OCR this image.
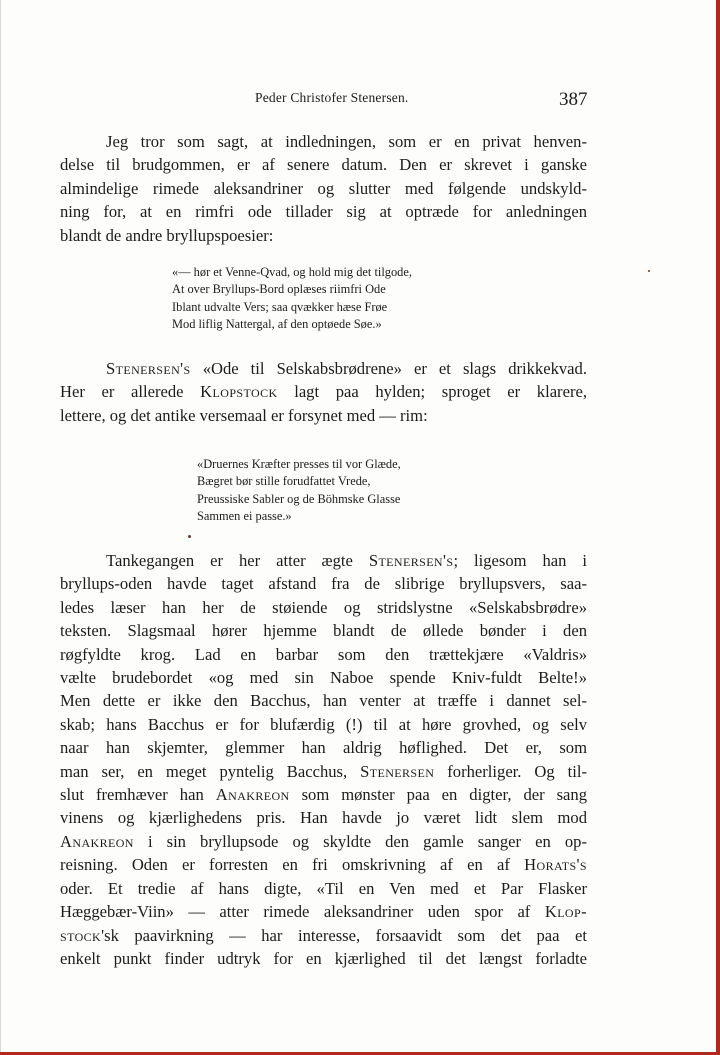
Peder Christofer Stenersen.	387
Jeg tror som sagt, at indledningen, som er en privat henven-
delse til brudgommen, er af senere datum. Den er skrevet i ganske
almindelige rimede aleksandriner og slutter med følgende undskyld-
ning for, at en rimfri ode tillader sig at optræde for anledningen
blandt de andre bryllupspoesier:
«— hør et Venne-Qvad, og hold mig det tilgode,
At over Bryllups-Bord oplæses riimfri Ode
Iblant udvalte Vers; saa qvækker hæse Frøe
Mod liflig Nattergal, af den optøede Søe.»
Stenersen's «Ode til Selskabsbrødrene» er et slags drikkekvad.
Her er allerede Klopstock lagt paa hylden; sproget er klarere,
lettere, og det antike versemaal er forsynet med — rim:
«Druernes Kræfter presses til vor Glæde,
Bægret bør stille forudfattet Vrede,
Preussiske Sabler og de Böhmske Glasse
Sammen ei passe.»
Tankegangen er her atter ægte Stenersen's; ligesom han i
bryllups-oden havde taget afstand fra de slibrige bryllupsvers, saa-
ledes læser han her de støiende og stridslystne «Selskabsbrødre»
teksten. Slagsmaal hører hjemme blandt de øllede bønder i den
røgfyldte krog. Lad en barbar som den trættekjære «Valdris»
vælte brudebordet «og med sin Naboe spende Kniv-fuldt Belte!»
Men dette er ikke den Bacchus, han venter at træffe i dannet sel-
skab; hans Bacchus er for blufærdig (!) til at høre grovhed, og selv
naar han skjemter, glemmer han aldrig høflighed. Det er, som
man ser, en meget pyntelig Bacchus, Stenersen forherliger. Og til-
slut fremhæver han Anakreon som mønster paa en digter, der sang
vinens og kjærlighedens pris. Han havde jo været lidt slem mod
Anakreon i sin bryllupsode og skyldte den gamle sanger en op-
reisning. Oden er forresten en fri omskrivning af en af Horats's
oder. Et tredie af hans digte, «Til en Ven med et Par Flasker
Hæggebær-Viin» — atter rimede aleksandriner uden spor af Klop-
stock'sk paavirkning — har interesse, forsaavidt som det paa et
enkelt punkt finder udtryk for en kjærlighed til det længst forladte
